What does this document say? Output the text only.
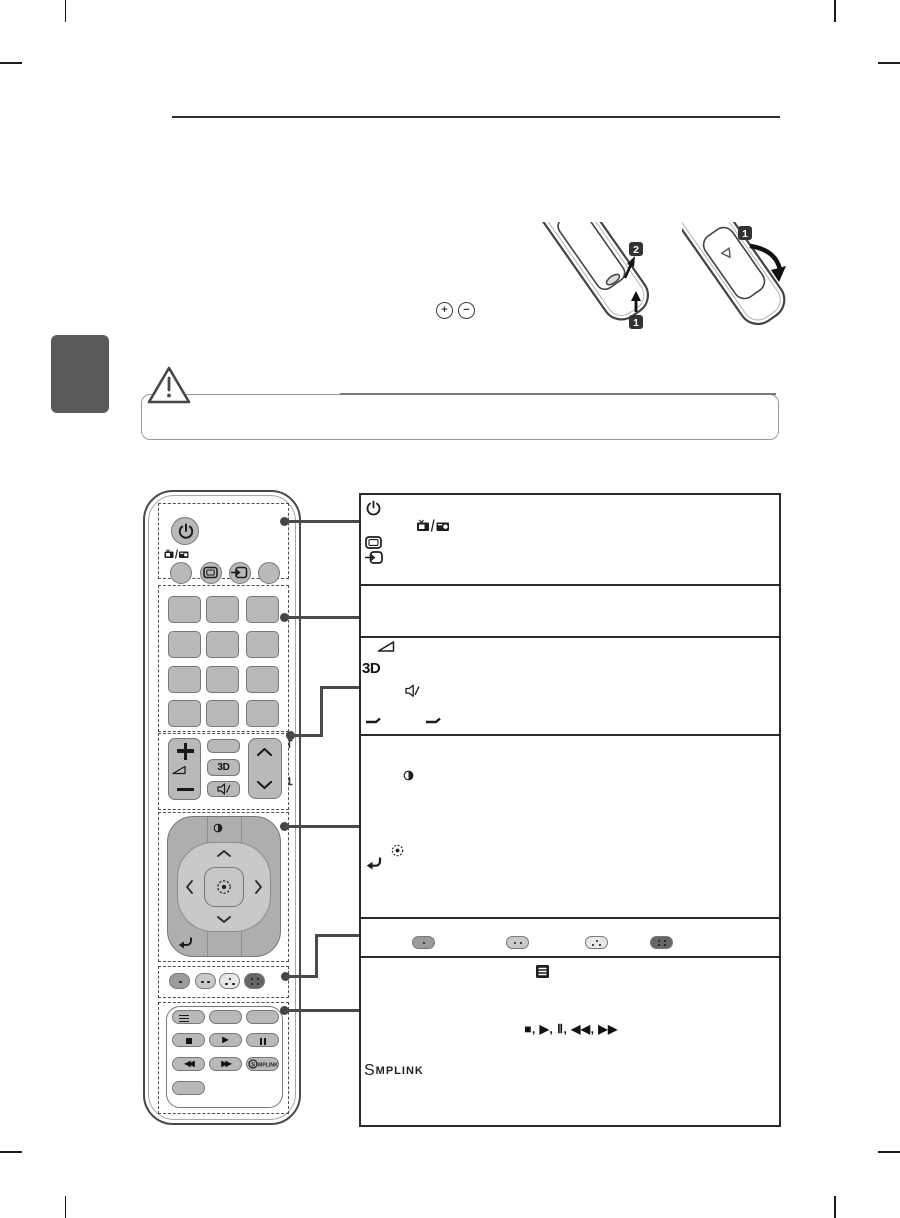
+	−
2
1
1
3D
▶
◀◀	▶▶	S MPLINK
3D
■, ▶, Ⅱ, ◀◀, ▶▶
S MPLINK
